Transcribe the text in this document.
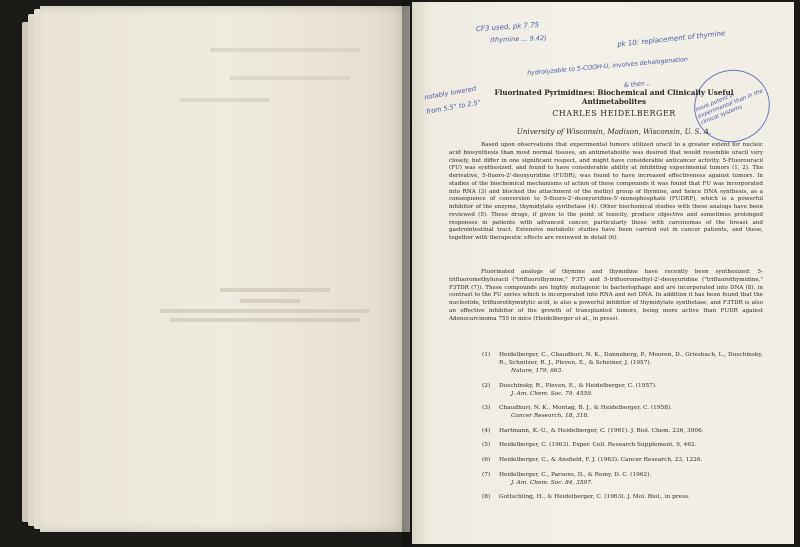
CF3 used, pk 7.75
(thymine ... 9.42)	pk 10: replacement of thymine
hydrolyzable to 5-COOH-U, involves dehalogenation
& then ,,
notably lowered
from 5.5° to 2.5°	more potent in experimental than in the clinical systems
Fluorinated Pyrimidines: Biochemical and Clinically Useful
Antimetabolites
CHARLES HEIDELBERGER
University of Wisconsin, Madison, Wisconsin, U. S. A.

Based upon observations that experimental tumors utilized uracil to a greater extent for nucleic acid biosynthesis than most normal tissues, an antimetabolite was desired that would resemble uracil very closely, but differ in one significant respect, and might have considerable anticancer activity. 5-Fluorouracil (FU) was synthesized, and found to have considerable ability at inhibiting experimental tumors (1, 2). The derivative, 5-fluoro-2'-deoxyuridine (FUDR), was found to have increased effectiveness against tumors. In studies of the biochemical mechanisms of action of these compounds it was found that FU was incorporated into RNA (3) and blocked the attachment of the methyl group of thymine, and hence DNA synthesis, as a consequence of conversion to 5-fluoro-2'-deoxyuridine-5'-monophosphate (FUDRP), which is a powerful inhibitor of the enzyme, thymidylate synthetase (4). Other biochemical studies with these analogs have been reviewed (5). These drugs, if given to the point of toxicity, produce objective and sometimes prolonged responses in patients with advanced cancer, particularly those with carcinomas of the breast and gastrointestinal tract. Extensive metabolic studies have been carried out in cancer patients, and these, together with therapeutic effects are reviewed in detail (6).

Fluorinated analogs of thymine and thymidine have recently been synthesized: 5-trifluoromethyluracil ("trifluorothymine," F3T) and 5-trifluoromethyl-2'-deoxyuridine ("trifluorothymidine," F3TDR (7)). These compounds are highly mutagenic to bacteriophage and are incorporated into DNA (8), in contrast to the FU series which is incorporated into RNA and not DNA. In addition it has been found that the nucleotide, trifluorothymidylic acid, is also a powerful inhibitor of thymidylate synthetase, and F3TDR is also an effective inhibitor of the growth of transplanted tumors, being more active than FUDR against Adenocarcinoma 755 in mice (Heidelberger et al., in press).

(1) Heidelberger, C., Chaudhuri, N. K., Danneberg, P., Mooren, D., Griesbach, L., Duschinsky, R., Schnitzer, R. J., Pleven, E., & Scheiner, J. (1957).
Nature, 179, 663.
(2) Duschinsky, R., Pleven, E., & Heidelberger, C. (1957).
J. Am. Chem. Soc. 79, 4559.
(3) Chaudhuri, N. K., Montag, B. J., & Heidelberger, C. (1958).
Cancer Research, 18, 318.
(4) Hartmann, K.-U., & Heidelberger, C. (1961). J. Biol. Chem. 236, 3006.
(5) Heidelberger, C. (1963). Exper. Cell. Research Supplement, 9, 462.
(6) Heidelberger, C., & Ansfield, F. J. (1963). Cancer Research, 23, 1226.
(7) Heidelberger, C., Parsons, D., & Remy, D. C. (1962).
J. Am. Chem. Soc. 84, 3597.
(8) Gottschling, H., & Heidelberger, C. (1963). J. Mol. Biol., in press.
